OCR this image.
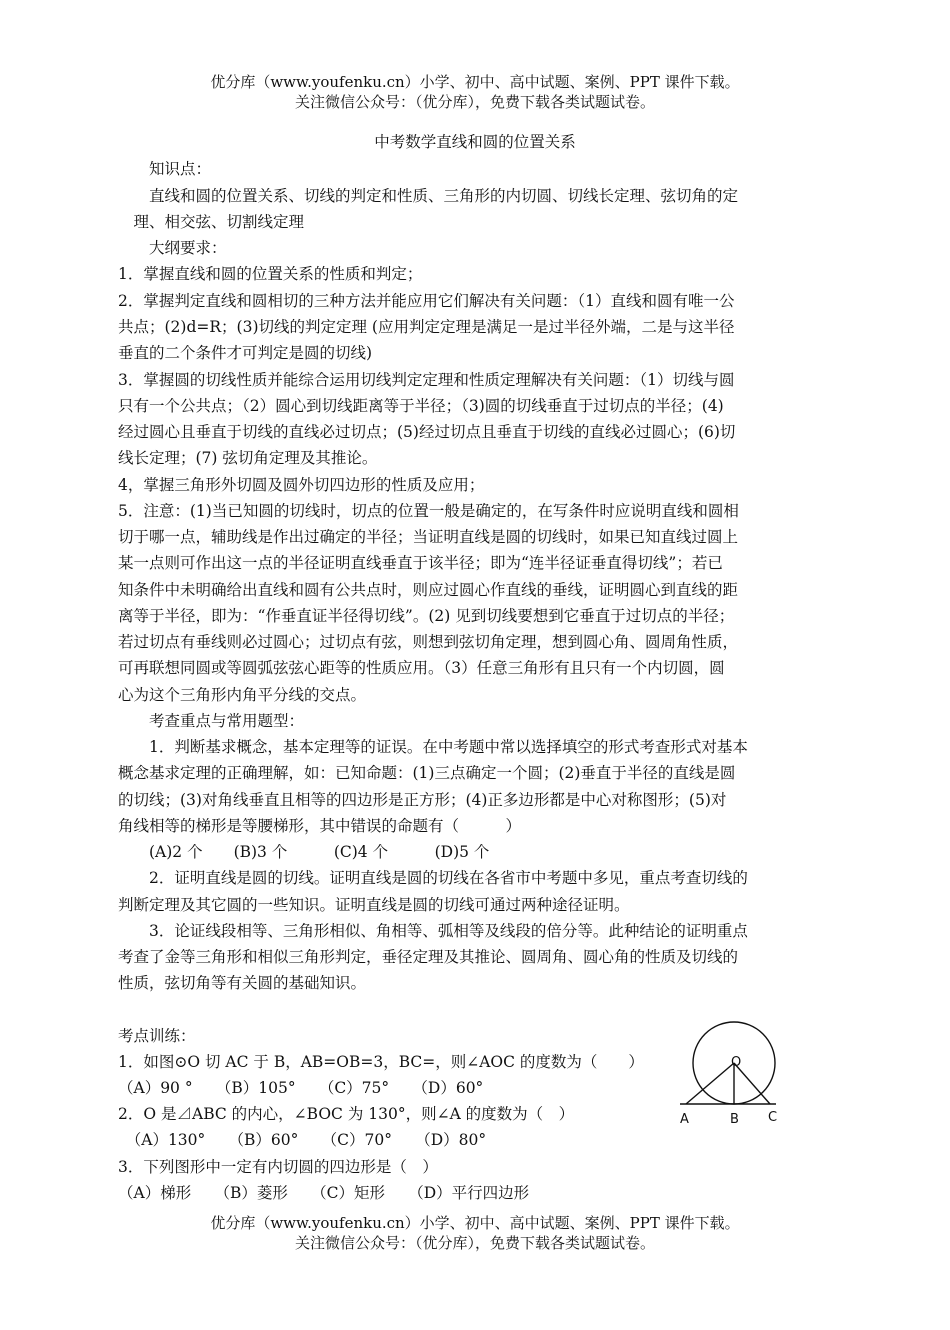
优分库（www.youfenku.cn）小学、初中、高中试题、案例、PPT 课件下载。
关注微信公众号：（优分库），免费下载各类试题试卷。
中考数学直线和圆的位置关系
　　知识点：
　　直线和圆的位置关系、切线的判定和性质、三角形的内切圆、切线长定理、弦切角的定
　理、相交弦、切割线定理
　　大纲要求：
1．掌握直线和圆的位置关系的性质和判定；
2．掌握判定直线和圆相切的三种方法并能应用它们解决有关问题：（1）直线和圆有唯一公
共点；(2)d=R；(3)切线的判定定理 (应用判定定理是满足一是过半径外端，二是与这半径
垂直的二个条件才可判定是圆的切线)
3．掌握圆的切线性质并能综合运用切线判定定理和性质定理解决有关问题：（1）切线与圆
只有一个公共点；（2）圆心到切线距离等于半径；（3)圆的切线垂直于过切点的半径；(4)
经过圆心且垂直于切线的直线必过切点；(5)经过切点且垂直于切线的直线必过圆心；(6)切
线长定理；(7) 弦切角定理及其推论。
4，掌握三角形外切圆及圆外切四边形的性质及应用；
5．注意：(1)当已知圆的切线时，切点的位置一般是确定的，在写条件时应说明直线和圆相
切于哪一点，辅助线是作出过确定的半径；当证明直线是圆的切线时，如果已知直线过圆上
某一点则可作出这一点的半径证明直线垂直于该半径；即为“连半径证垂直得切线”；若已
知条件中未明确给出直线和圆有公共点时，则应过圆心作直线的垂线，证明圆心到直线的距
离等于半径，即为：“作垂直证半径得切线”。(2) 见到切线要想到它垂直于过切点的半径；
若过切点有垂线则必过圆心；过切点有弦，则想到弦切角定理，想到圆心角、圆周角性质，
可再联想同圆或等圆弧弦弦心距等的性质应用。（3）任意三角形有且只有一个内切圆，圆
心为这个三角形内角平分线的交点。
　　考查重点与常用题型：
　　1．判断基求概念，基本定理等的证误。在中考题中常以选择填空的形式考查形式对基本
概念基求定理的正确理解，如：已知命题：(1)三点确定一个圆；(2)垂直于半径的直线是圆
的切线；(3)对角线垂直且相等的四边形是正方形；(4)正多边形都是中心对称图形；(5)对
角线相等的梯形是等腰梯形，其中错误的命题有（　　　）
　　(A)2 个　　(B)3 个　　　(C)4 个　　　(D)5 个
　　2．证明直线是圆的切线。证明直线是圆的切线在各省市中考题中多见，重点考查切线的
判断定理及其它圆的一些知识。证明直线是圆的切线可通过两种途径证明。
　　3．论证线段相等、三角形相似、角相等、弧相等及线段的倍分等。此种结论的证明重点
考查了金等三角形和相似三角形判定，垂径定理及其推论、圆周角、圆心角的性质及切线的
性质，弦切角等有关圆的基础知识。
考点训练：
1．如图⊙O 切 AC 于 B，AB=OB=3，BC=，则∠AOC 的度数为（　　）
（A）90 °　　（B）105°　　（C）75°　　（D）60°
2．O 是⊿ABC 的内心，∠BOC 为 130°，则∠A 的度数为（　）
　（A）130°　　（B）60°　　（C）70°　　（D）80°
3．下列图形中一定有内切圆的四边形是（　）
（A）梯形　　（B）菱形　　（C）矩形　　（D）平行四边形
O
A	B C
优分库（www.youfenku.cn）小学、初中、高中试题、案例、PPT 课件下载。
关注微信公众号：（优分库），免费下载各类试题试卷。
